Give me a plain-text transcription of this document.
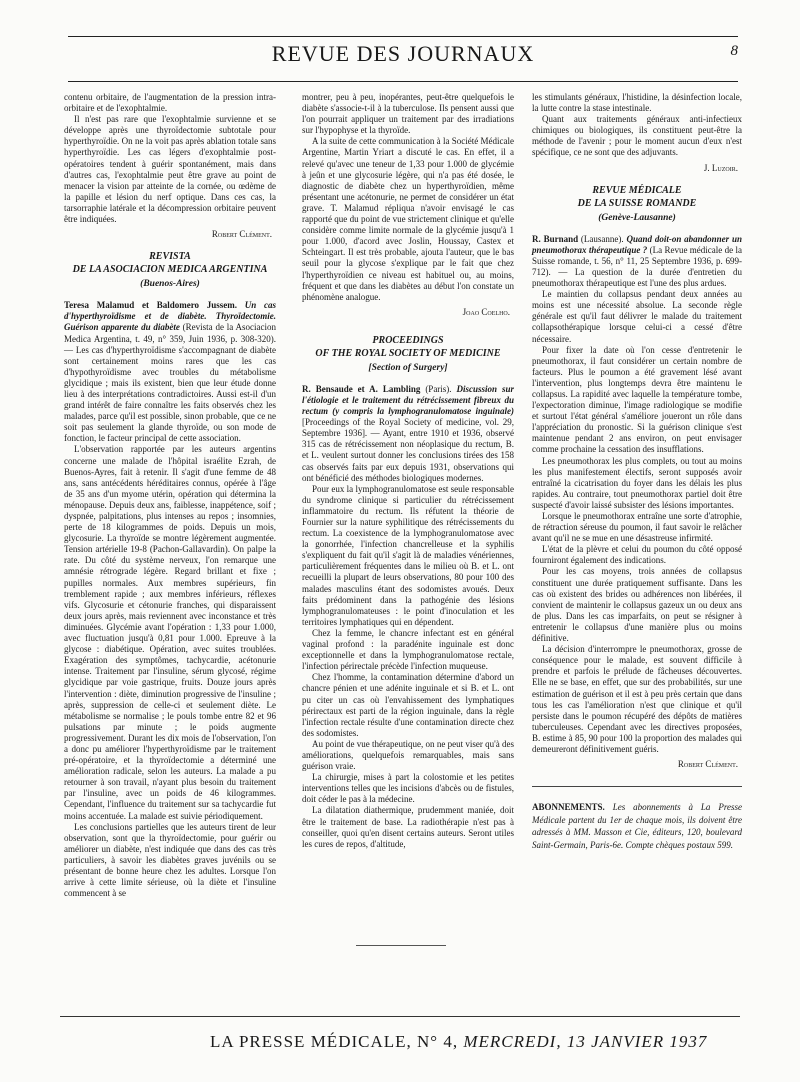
REVUE DES JOURNAUX	8

contenu orbitaire, de l'augmentation de la pression intra-orbitaire et de l'exophtalmie.

Il n'est pas rare que l'exophtalmie survienne et se développe après une thyroïdectomie subtotale pour hyperthyroïdie. On ne la voit pas après ablation totale sans hyperthyroïdie. Les cas légers d'exophtalmie post-opératoires tendent à guérir spontanément, mais dans d'autres cas, l'exophtalmie peut être grave au point de menacer la vision par atteinte de la cornée, ou œdème de la papille et lésion du nerf optique. Dans ces cas, la tarsorraphie latérale et la décompression orbitaire peuvent être indiquées.

Robert Clément.
REVISTA
DE LA ASOCIACION MEDICA ARGENTINA
(Buenos-Aires)

Teresa Malamud et Baldomero Jussem. Un cas d'hyperthyroïdisme et de diabète. Thyroïdectomie. Guérison apparente du diabète (Revista de la Asociacion Medica Argentina, t. 49, n° 359, Juin 1936, p. 308-320). — Les cas d'hyperthyroïdisme s'accompagnant de diabète sont certainement moins rares que les cas d'hypothyroïdisme avec troubles du métabolisme glycidique ; mais ils existent, bien que leur étude donne lieu à des interprétations contradictoires. Aussi est-il d'un grand intérêt de faire connaître les faits observés chez les malades, parce qu'il est possible, sinon probable, que ce ne soit pas seulement la glande thyroïde, ou son mode de fonction, le facteur principal de cette association.

L'observation rapportée par les auteurs argentins concerne une malade de l'hôpital israélite Ezrah, de Buenos-Ayres, fait à retenir. Il s'agit d'une femme de 48 ans, sans antécédents héréditaires connus, opérée à l'âge de 35 ans d'un myome utérin, opération qui détermina la ménopause. Depuis deux ans, faiblesse, inappétence, soif ; dyspnée, palpitations, plus intenses au repos ; insomnies, perte de 18 kilogrammes de poids. Depuis un mois, glycosurie. La thyroïde se montre légèrement augmentée. Tension artérielle 19-8 (Pachon-Gallavardin). On palpe la rate. Du côté du système nerveux, l'on remarque une amnésie rétrograde légère. Regard brillant et fixe ; pupilles normales. Aux membres supérieurs, fin tremblement rapide ; aux membres inférieurs, réflexes vifs. Glycosurie et cétonurie franches, qui disparaissent deux jours après, mais reviennent avec inconstance et très diminuées. Glycémie avant l'opération : 1,33 pour 1.000, avec fluctuation jusqu'à 0,81 pour 1.000. Epreuve à la glycose : diabétique. Opération, avec suites troublées. Exagération des symptômes, tachycardie, acétonurie intense. Traitement par l'insuline, sérum glycosé, régime glycidique par voie gastrique, fruits. Douze jours après l'intervention : diète, diminution progressive de l'insuline ; après, suppression de celle-ci et seulement diète. Le métabolisme se normalise ; le pouls tombe entre 82 et 96 pulsations par minute ; le poids augmente progressivement. Durant les dix mois de l'observation, l'on a donc pu améliorer l'hyperthyroïdisme par le traitement pré-opératoire, et la thyroïdectomie a déterminé une amélioration radicale, selon les auteurs. La malade a pu retourner à son travail, n'ayant plus besoin du traitement par l'insuline, avec un poids de 46 kilogrammes. Cependant, l'influence du traitement sur sa tachycardie fut moins accentuée. La malade est suivie périodiquement.

Les conclusions partielles que les auteurs tirent de leur observation, sont que la thyroïdectomie, pour guérir ou améliorer un diabète, n'est indiquée que dans des cas très particuliers, à savoir les diabètes graves juvénils ou se présentant de bonne heure chez les adultes. Lorsque l'on arrive à cette limite sérieuse, où la diète et l'insuline commencent à se

montrer, peu à peu, inopérantes, peut-être quelquefois le diabète s'associe-t-il à la tuberculose. Ils pensent aussi que l'on pourrait appliquer un traitement par des irradiations sur l'hypophyse et la thyroïde.

A la suite de cette communication à la Société Médicale Argentine, Martin Yriart a discuté le cas. En effet, il a relevé qu'avec une teneur de 1,33 pour 1.000 de glycémie à jeûn et une glycosurie légère, qui n'a pas été dosée, le diagnostic de diabète chez un hyperthyroïdien, même présentant une acétonurie, ne permet de considérer un état grave. T. Malamud répliqua n'avoir envisagé le cas rapporté que du point de vue strictement clinique et qu'elle considère comme limite normale de la glycémie jusqu'à 1 pour 1.000, d'acord avec Joslin, Houssay, Castex et Schteingart. Il est très probable, ajouta l'auteur, que le bas seuil pour la glycose s'explique par le fait que chez l'hyperthyroïdien ce niveau est habituel ou, au moins, fréquent et que dans les diabètes au début l'on constate un phénomène analogue.

Joao Coelho.
PROCEEDINGS
OF THE ROYAL SOCIETY OF MEDICINE
[Section of Surgery]

R. Bensaude et A. Lambling (Paris). Discussion sur l'étiologie et le traitement du rétrécissement fibreux du rectum (y compris la lymphogranulomatose inguinale) [Proceedings of the Royal Society of medicine, vol. 29, Septembre 1936]. — Ayant, entre 1910 et 1936, observé 315 cas de rétrécissement non néoplasique du rectum, B. et L. veulent surtout donner les conclusions tirées des 158 cas observés faits par eux depuis 1931, observations qui ont bénéficié des méthodes biologiques modernes.

Pour eux la lymphogranulomatose est seule responsable du syndrome clinique si particulier du rétrécissement inflammatoire du rectum. Ils réfutent la théorie de Fournier sur la nature syphilitique des rétrécissements du rectum. La coexistence de la lymphogranulomatose avec la gonorrhée, l'infection chancrelleuse et la syphilis s'expliquent du fait qu'il s'agit là de maladies vénériennes, particulièrement fréquentes dans le milieu où B. et L. ont recueilli la plupart de leurs observations, 80 pour 100 des malades masculins étant des sodomistes avoués. Deux faits prédominent dans la pathogénie des lésions lymphogranulomateuses : le point d'inoculation et les territoires lymphatiques qui en dépendent.

Chez la femme, le chancre infectant est en général vaginal profond : la paradénite inguinale est donc exceptionnelle et dans la lymphogranulomatose rectale, l'infection périrectale précède l'infection muqueuse.

Chez l'homme, la contamination détermine d'abord un chancre pénien et une adénite inguinale et si B. et L. ont pu citer un cas où l'envahissement des lymphatiques périrectaux est parti de la région inguinale, dans la règle l'infection rectale résulte d'une contamination directe chez des sodomistes.

Au point de vue thérapeutique, on ne peut viser qu'à des améliorations, quelquefois remarquables, mais sans guérison vraie.

La chirurgie, mises à part la colostomie et les petites interventions telles que les incisions d'abcès ou de fistules, doit céder le pas à la médecine.

La dilatation diathermique, prudemment maniée, doit être le traitement de base. La radiothérapie n'est pas à conseiller, quoi qu'en disent certains auteurs. Seront utiles les cures de repos, d'altitude,

les stimulants généraux, l'histidine, la désinfection locale, la lutte contre la stase intestinale.

Quant aux traitements généraux anti-infectieux chimiques ou biologiques, ils constituent peut-être la méthode de l'avenir ; pour le moment aucun d'eux n'est spécifique, ce ne sont que des adjuvants.

J. Luzoir.
REVUE MÉDICALE
DE LA SUISSE ROMANDE
(Genève-Lausanne)

R. Burnand (Lausanne). Quand doit-on abandonner un pneumothorax thérapeutique ? (La Revue médicale de la Suisse romande, t. 56, n° 11, 25 Septembre 1936, p. 699-712). — La question de la durée d'entretien du pneumothorax thérapeutique est l'une des plus ardues.

Le maintien du collapsus pendant deux années au moins est une nécessité absolue. La seconde règle générale est qu'il faut délivrer le malade du traitement collapsothérapique lorsque celui-ci a cessé d'être nécessaire.

Pour fixer la date où l'on cesse d'entretenir le pneumothorax, il faut considérer un certain nombre de facteurs. Plus le poumon a été gravement lésé avant l'intervention, plus longtemps devra être maintenu le collapsus. La rapidité avec laquelle la température tombe, l'expectoration diminue, l'image radiologique se modifie et surtout l'état général s'améliore joueront un rôle dans l'appréciation du pronostic. Si la guérison clinique s'est maintenue pendant 2 ans environ, on peut envisager comme prochaine la cessation des insufflations.

Les pneumothorax les plus complets, ou tout au moins les plus manifestement électifs, seront supposés avoir entraîné la cicatrisation du foyer dans les délais les plus rapides. Au contraire, tout pneumothorax partiel doit être suspecté d'avoir laissé subsister des lésions importantes.

Lorsque le pneumothorax entraîne une sorte d'atrophie, de rétraction séreuse du poumon, il faut savoir le relâcher avant qu'il ne se mue en une désastreuse infirmité.

L'état de la plèvre et celui du poumon du côté opposé fourniront également des indications.

Pour les cas moyens, trois années de collapsus constituent une durée pratiquement suffisante. Dans les cas où existent des brides ou adhérences non libérées, il convient de maintenir le collapsus gazeux un ou deux ans de plus. Dans les cas imparfaits, on peut se résigner à entretenir le collapsus d'une manière plus ou moins définitive.

La décision d'interrompre le pneumothorax, grosse de conséquence pour le malade, est souvent difficile à prendre et parfois le prélude de fâcheuses découvertes. Elle ne se base, en effet, que sur des probabilités, sur une estimation de guérison et il est à peu près certain que dans tous les cas l'amélioration n'est que clinique et qu'il persiste dans le poumon récupéré des dépôts de matières tuberculeuses. Cependant avec les directives proposées, B. estime à 85, 90 pour 100 la proportion des malades qui demeureront définitivement guéris.

Robert Clément.
ABONNEMENTS. Les abonnements à La Presse Médicale partent du 1er de chaque mois, ils doivent être adressés à MM. Masson et Cie, éditeurs, 120, boulevard Saint-Germain, Paris-6e. Compte chèques postaux 599.
LA PRESSE MÉDICALE, N° 4, MERCREDI, 13 JANVIER 1937
